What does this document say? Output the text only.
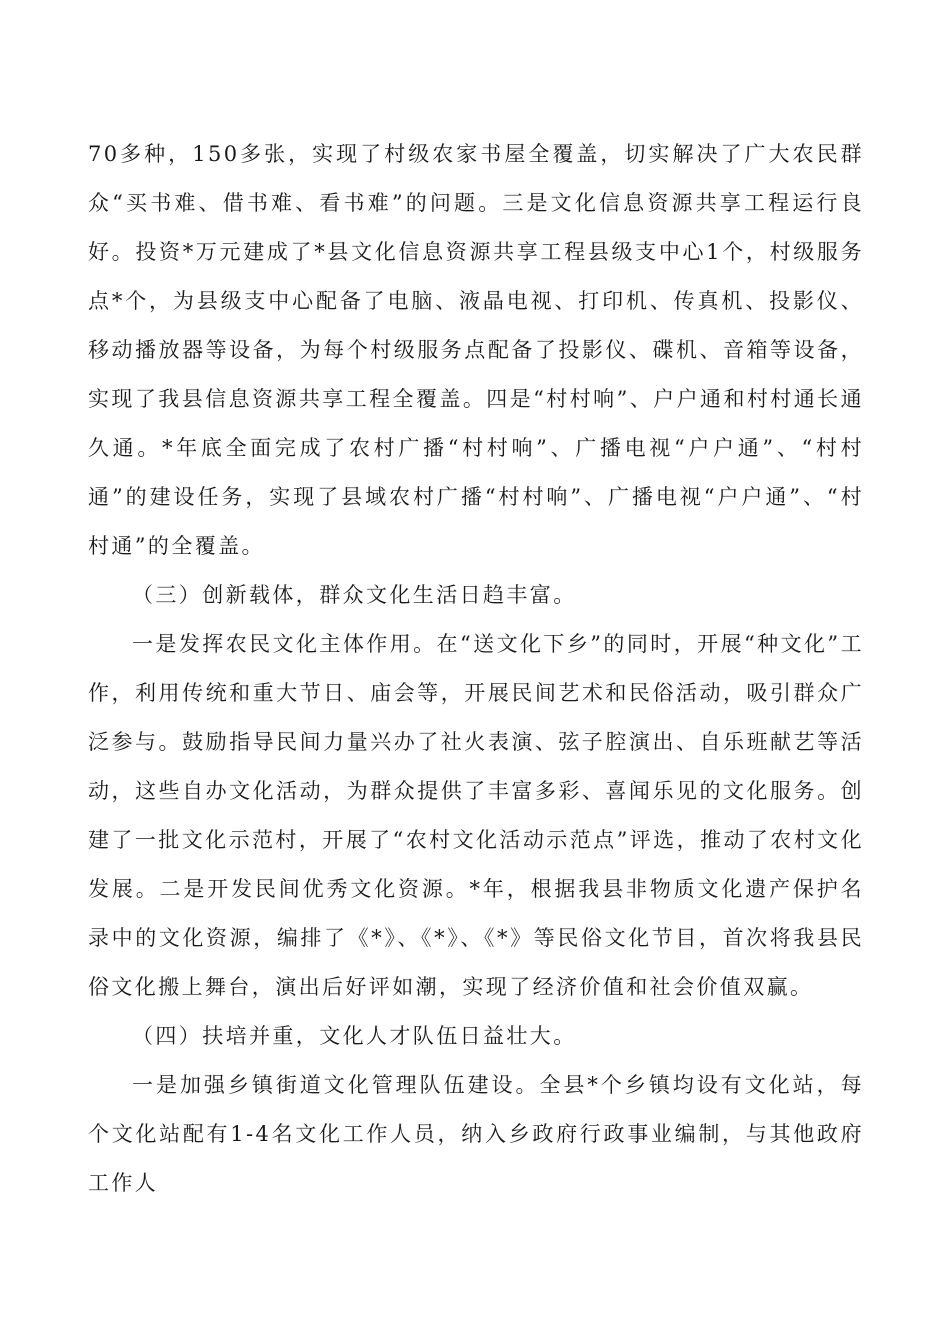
70多种，150多张，实现了村级农家书屋全覆盖，切实解决了广大农民群众“买书难、借书难、看书难”的问题。三是文化信息资源共享工程运行良好。投资*万元建成了*县文化信息资源共享工程县级支中心1个，村级服务点*个，为县级支中心配备了电脑、液晶电视、打印机、传真机、投影仪、移动播放器等设备，为每个村级服务点配备了投影仪、碟机、音箱等设备，实现了我县信息资源共享工程全覆盖。四是“村村响”、户户通和村村通长通久通。*年底全面完成了农村广播“村村响”、广播电视“户户通”、“村村通”的建设任务，实现了县域农村广播“村村响”、广播电视“户户通”、“村村通”的全覆盖。

（三）创新载体，群众文化生活日趋丰富。

一是发挥农民文化主体作用。在“送文化下乡”的同时，开展“种文化”工作，利用传统和重大节日、庙会等，开展民间艺术和民俗活动，吸引群众广泛参与。鼓励指导民间力量兴办了社火表演、弦子腔演出、自乐班献艺等活动，这些自办文化活动，为群众提供了丰富多彩、喜闻乐见的文化服务。创建了一批文化示范村，开展了“农村文化活动示范点”评选，推动了农村文化发展。二是开发民间优秀文化资源。*年，根据我县非物质文化遗产保护名录中的文化资源，编排了《*》、《*》、《*》等民俗文化节目，首次将我县民俗文化搬上舞台，演出后好评如潮，实现了经济价值和社会价值双赢。

（四）扶培并重，文化人才队伍日益壮大。

一是加强乡镇街道文化管理队伍建设。全县*个乡镇均设有文化站，每个文化站配有1-4名文化工作人员，纳入乡政府行政事业编制，与其他政府工作人
